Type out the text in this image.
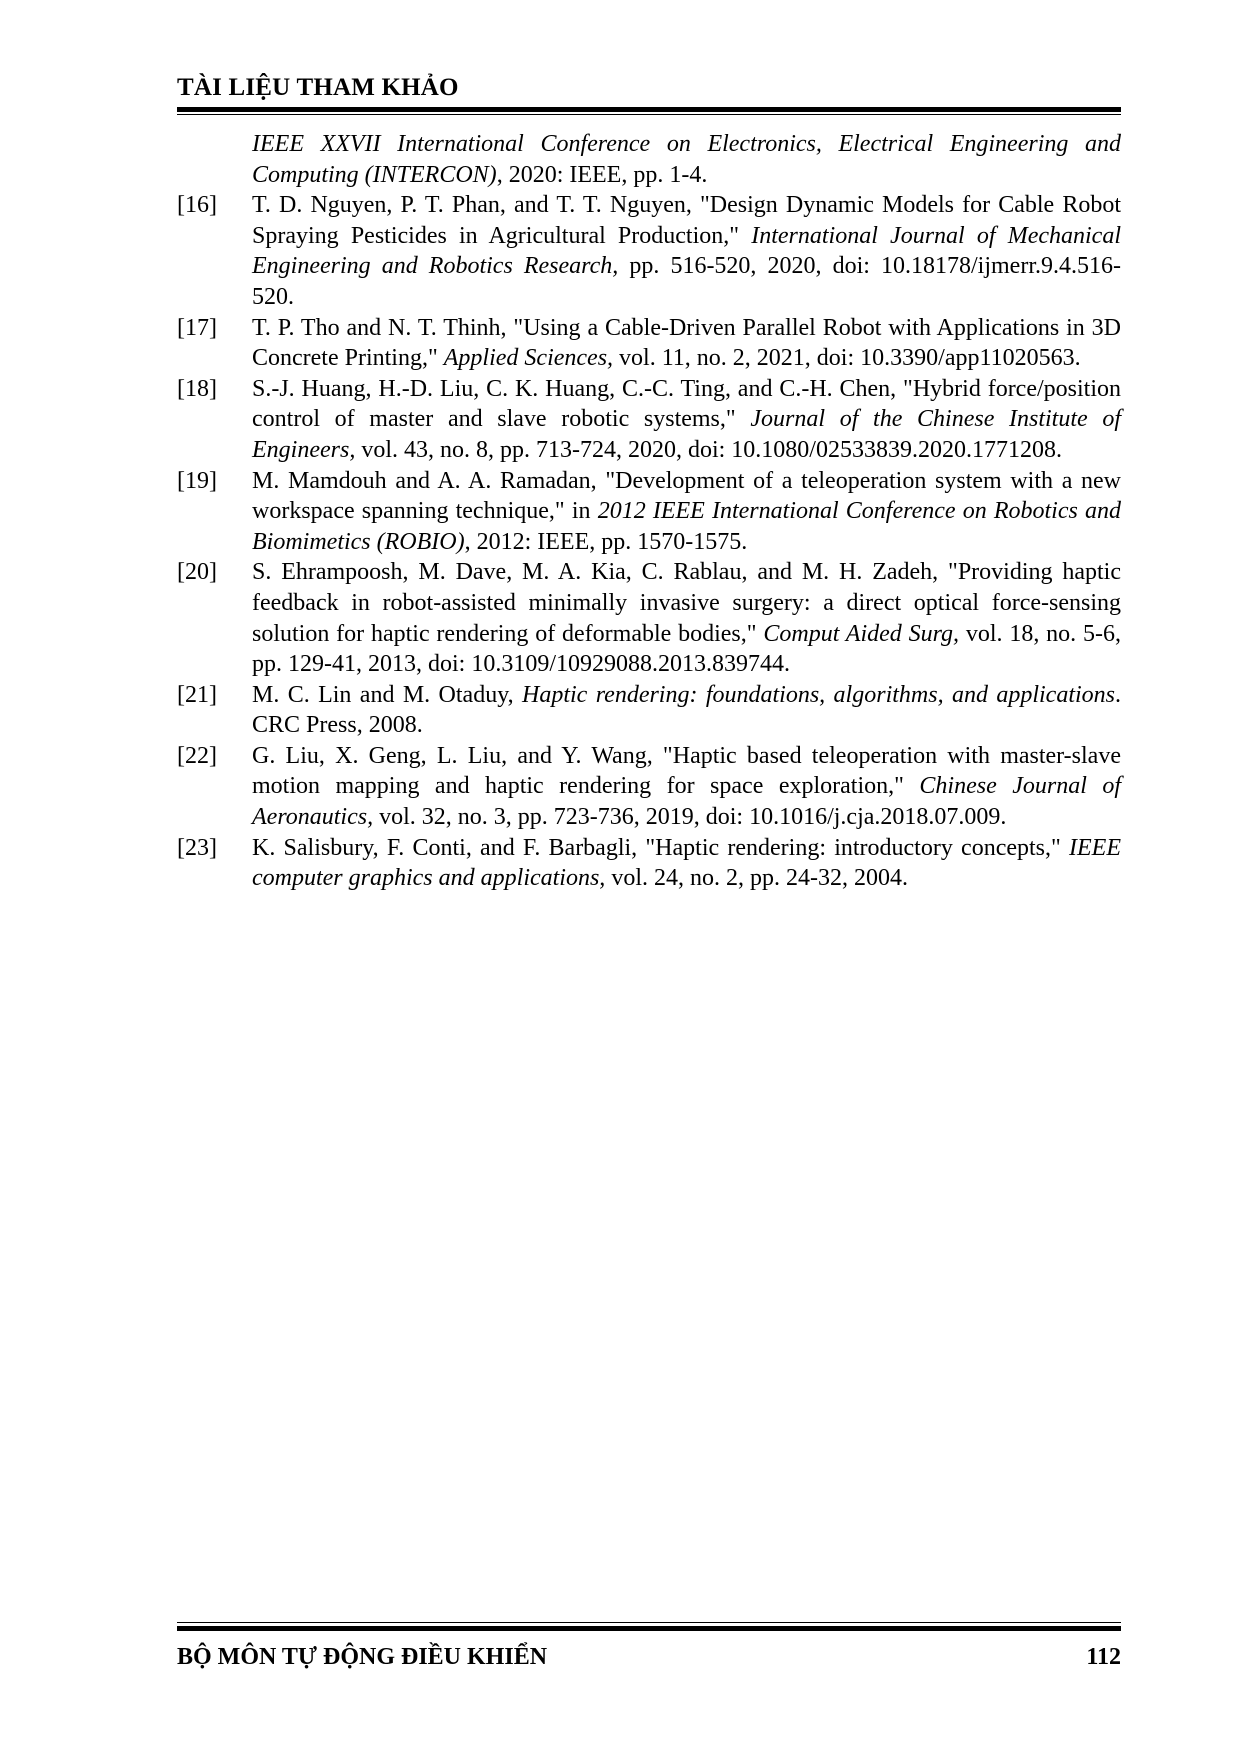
TÀI LIỆU THAM KHẢO
IEEE XXVII International Conference on Electronics, Electrical Engineering and Computing (INTERCON), 2020: IEEE, pp. 1-4.
[16]	T. D. Nguyen, P. T. Phan, and T. T. Nguyen, "Design Dynamic Models for Cable Robot Spraying Pesticides in Agricultural Production," International Journal of Mechanical Engineering and Robotics Research, pp. 516-520, 2020, doi: 10.18178/ijmerr.9.4.516-520.
[17]	T. P. Tho and N. T. Thinh, "Using a Cable-Driven Parallel Robot with Applications in 3D Concrete Printing," Applied Sciences, vol. 11, no. 2, 2021, doi: 10.3390/app11020563.
[18]	S.-J. Huang, H.-D. Liu, C. K. Huang, C.-C. Ting, and C.-H. Chen, "Hybrid force/position control of master and slave robotic systems," Journal of the Chinese Institute of Engineers, vol. 43, no. 8, pp. 713-724, 2020, doi: 10.1080/02533839.2020.1771208.
[19]	M. Mamdouh and A. A. Ramadan, "Development of a teleoperation system with a new workspace spanning technique," in 2012 IEEE International Conference on Robotics and Biomimetics (ROBIO), 2012: IEEE, pp. 1570-1575.
[20]	S. Ehrampoosh, M. Dave, M. A. Kia, C. Rablau, and M. H. Zadeh, "Providing haptic feedback in robot-assisted minimally invasive surgery: a direct optical force-sensing solution for haptic rendering of deformable bodies," Comput Aided Surg, vol. 18, no. 5-6, pp. 129-41, 2013, doi: 10.3109/10929088.2013.839744.
[21]	M. C. Lin and M. Otaduy, Haptic rendering: foundations, algorithms, and applications. CRC Press, 2008.
[22]	G. Liu, X. Geng, L. Liu, and Y. Wang, "Haptic based teleoperation with master-slave motion mapping and haptic rendering for space exploration," Chinese Journal of Aeronautics, vol. 32, no. 3, pp. 723-736, 2019, doi: 10.1016/j.cja.2018.07.009.
[23]	K. Salisbury, F. Conti, and F. Barbagli, "Haptic rendering: introductory concepts," IEEE computer graphics and applications, vol. 24, no. 2, pp. 24-32, 2004.
BỘ MÔN TỰ ĐỘNG ĐIỀU KHIỂN	112
